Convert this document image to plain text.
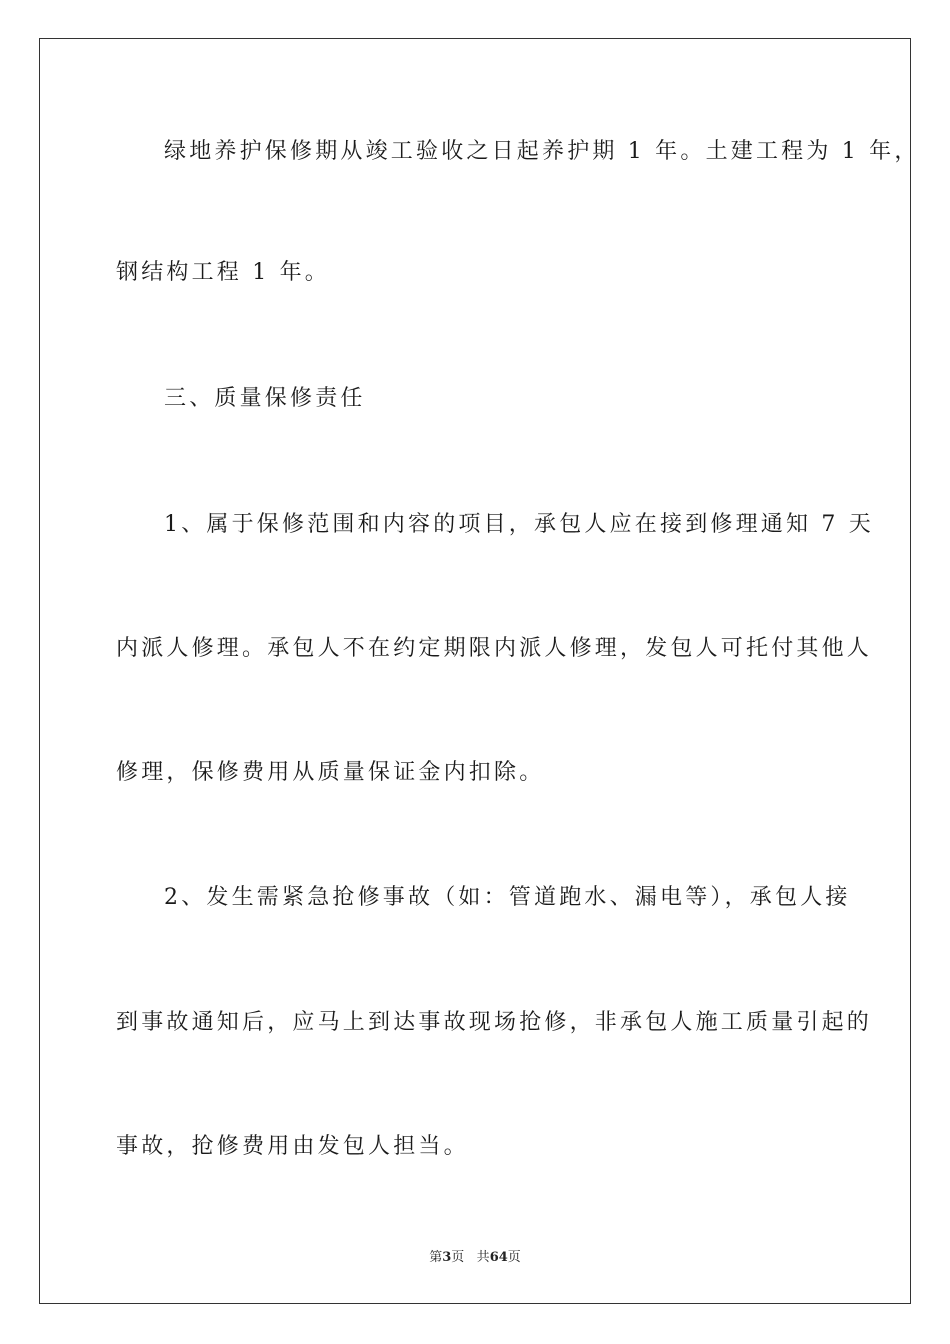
绿地养护保修期从竣工验收之日起养护期 1 年。土建工程为 1 年，
钢结构工程 1 年。
三、质量保修责任
1、属于保修范围和内容的项目，承包人应在接到修理通知 7 天
内派人修理。承包人不在约定期限内派人修理，发包人可托付其他人
修理，保修费用从质量保证金内扣除。
2、发生需紧急抢修事故（如：管道跑水、漏电等），承包人接
到事故通知后，应马上到达事故现场抢修，非承包人施工质量引起的
事故，抢修费用由发包人担当。
第3页 共64页
